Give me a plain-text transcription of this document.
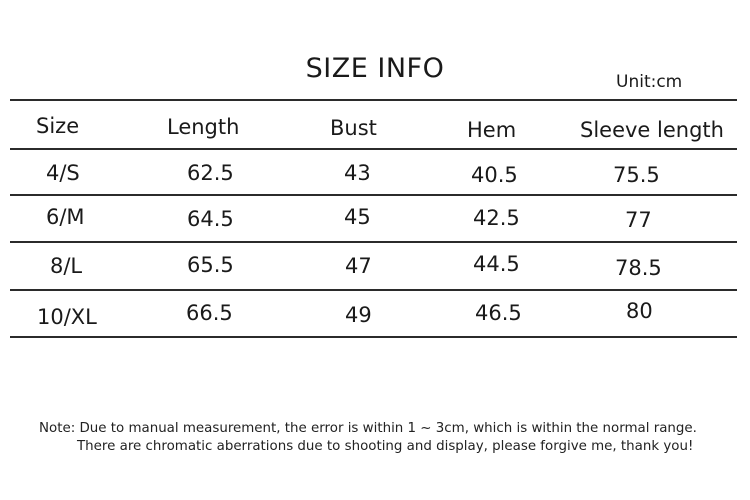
SIZE INFO	Unit:cm
Size	Length	Bust	Hem	Sleeve length
4/S	62.5	43	40.5	75.5
6/M	64.5	45	42.5	77
8/L	65.5	47	44.5	78.5
10/XL	66.5	49	46.5	80
Note: Due to manual measurement, the error is within 1 ~ 3cm, which is within the normal range.
There are chromatic aberrations due to shooting and display, please forgive me, thank you!
